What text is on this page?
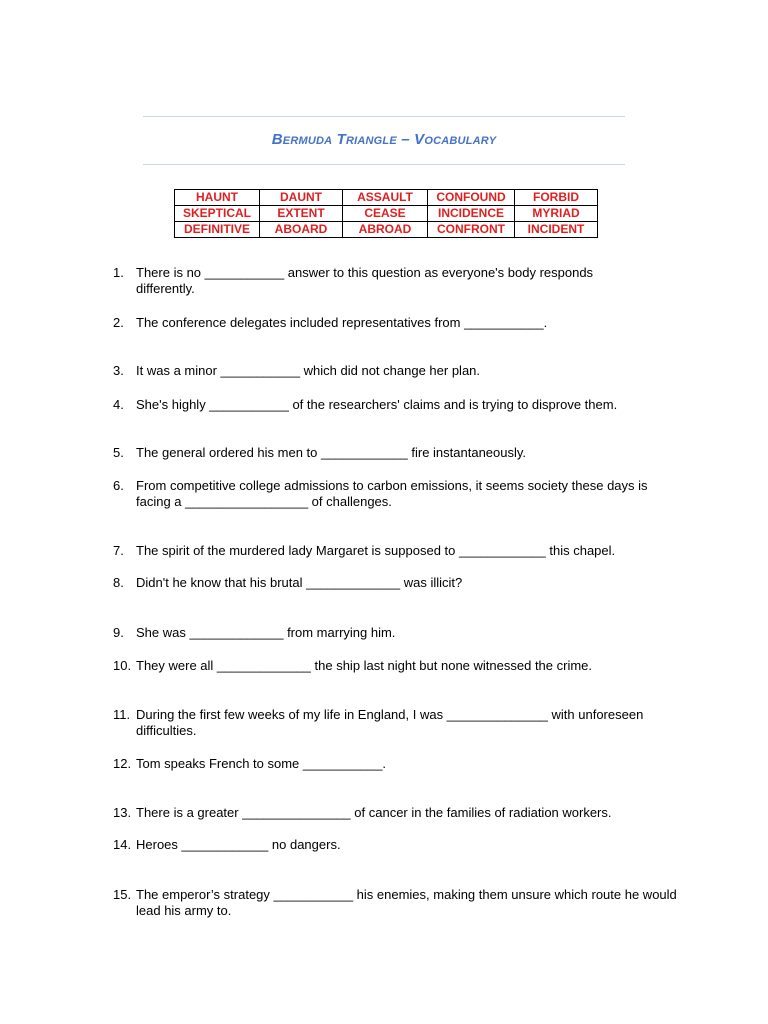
Bermuda Triangle – Vocabulary
HAUNT	DAUNT	ASSAULT	CONFOUND	FORBID
SKEPTICAL	EXTENT	CEASE	INCIDENCE	MYRIAD
DEFINITIVE	ABOARD	ABROAD	CONFRONT	INCIDENT
1. There is no ___________ answer to this question as everyone's body responds differently.
2. The conference delegates included representatives from ___________.
3. It was a minor ___________ which did not change her plan.
4. She's highly ___________ of the researchers' claims and is trying to disprove them.
5. The general ordered his men to ____________ fire instantaneously.
6. From competitive college admissions to carbon emissions, it seems society these days is facing a _________________ of challenges.
7. The spirit of the murdered lady Margaret is supposed to ____________ this chapel.
8. Didn't he know that his brutal _____________ was illicit?
9. She was _____________ from marrying him.
10. They were all _____________ the ship last night but none witnessed the crime.
11. During the first few weeks of my life in England, I was ______________ with unforeseen difficulties.
12. Tom speaks French to some ___________.
13. There is a greater _______________ of cancer in the families of radiation workers.
14. Heroes ____________ no dangers.
15. The emperor’s strategy ___________ his enemies, making them unsure which route he would lead his army to.
